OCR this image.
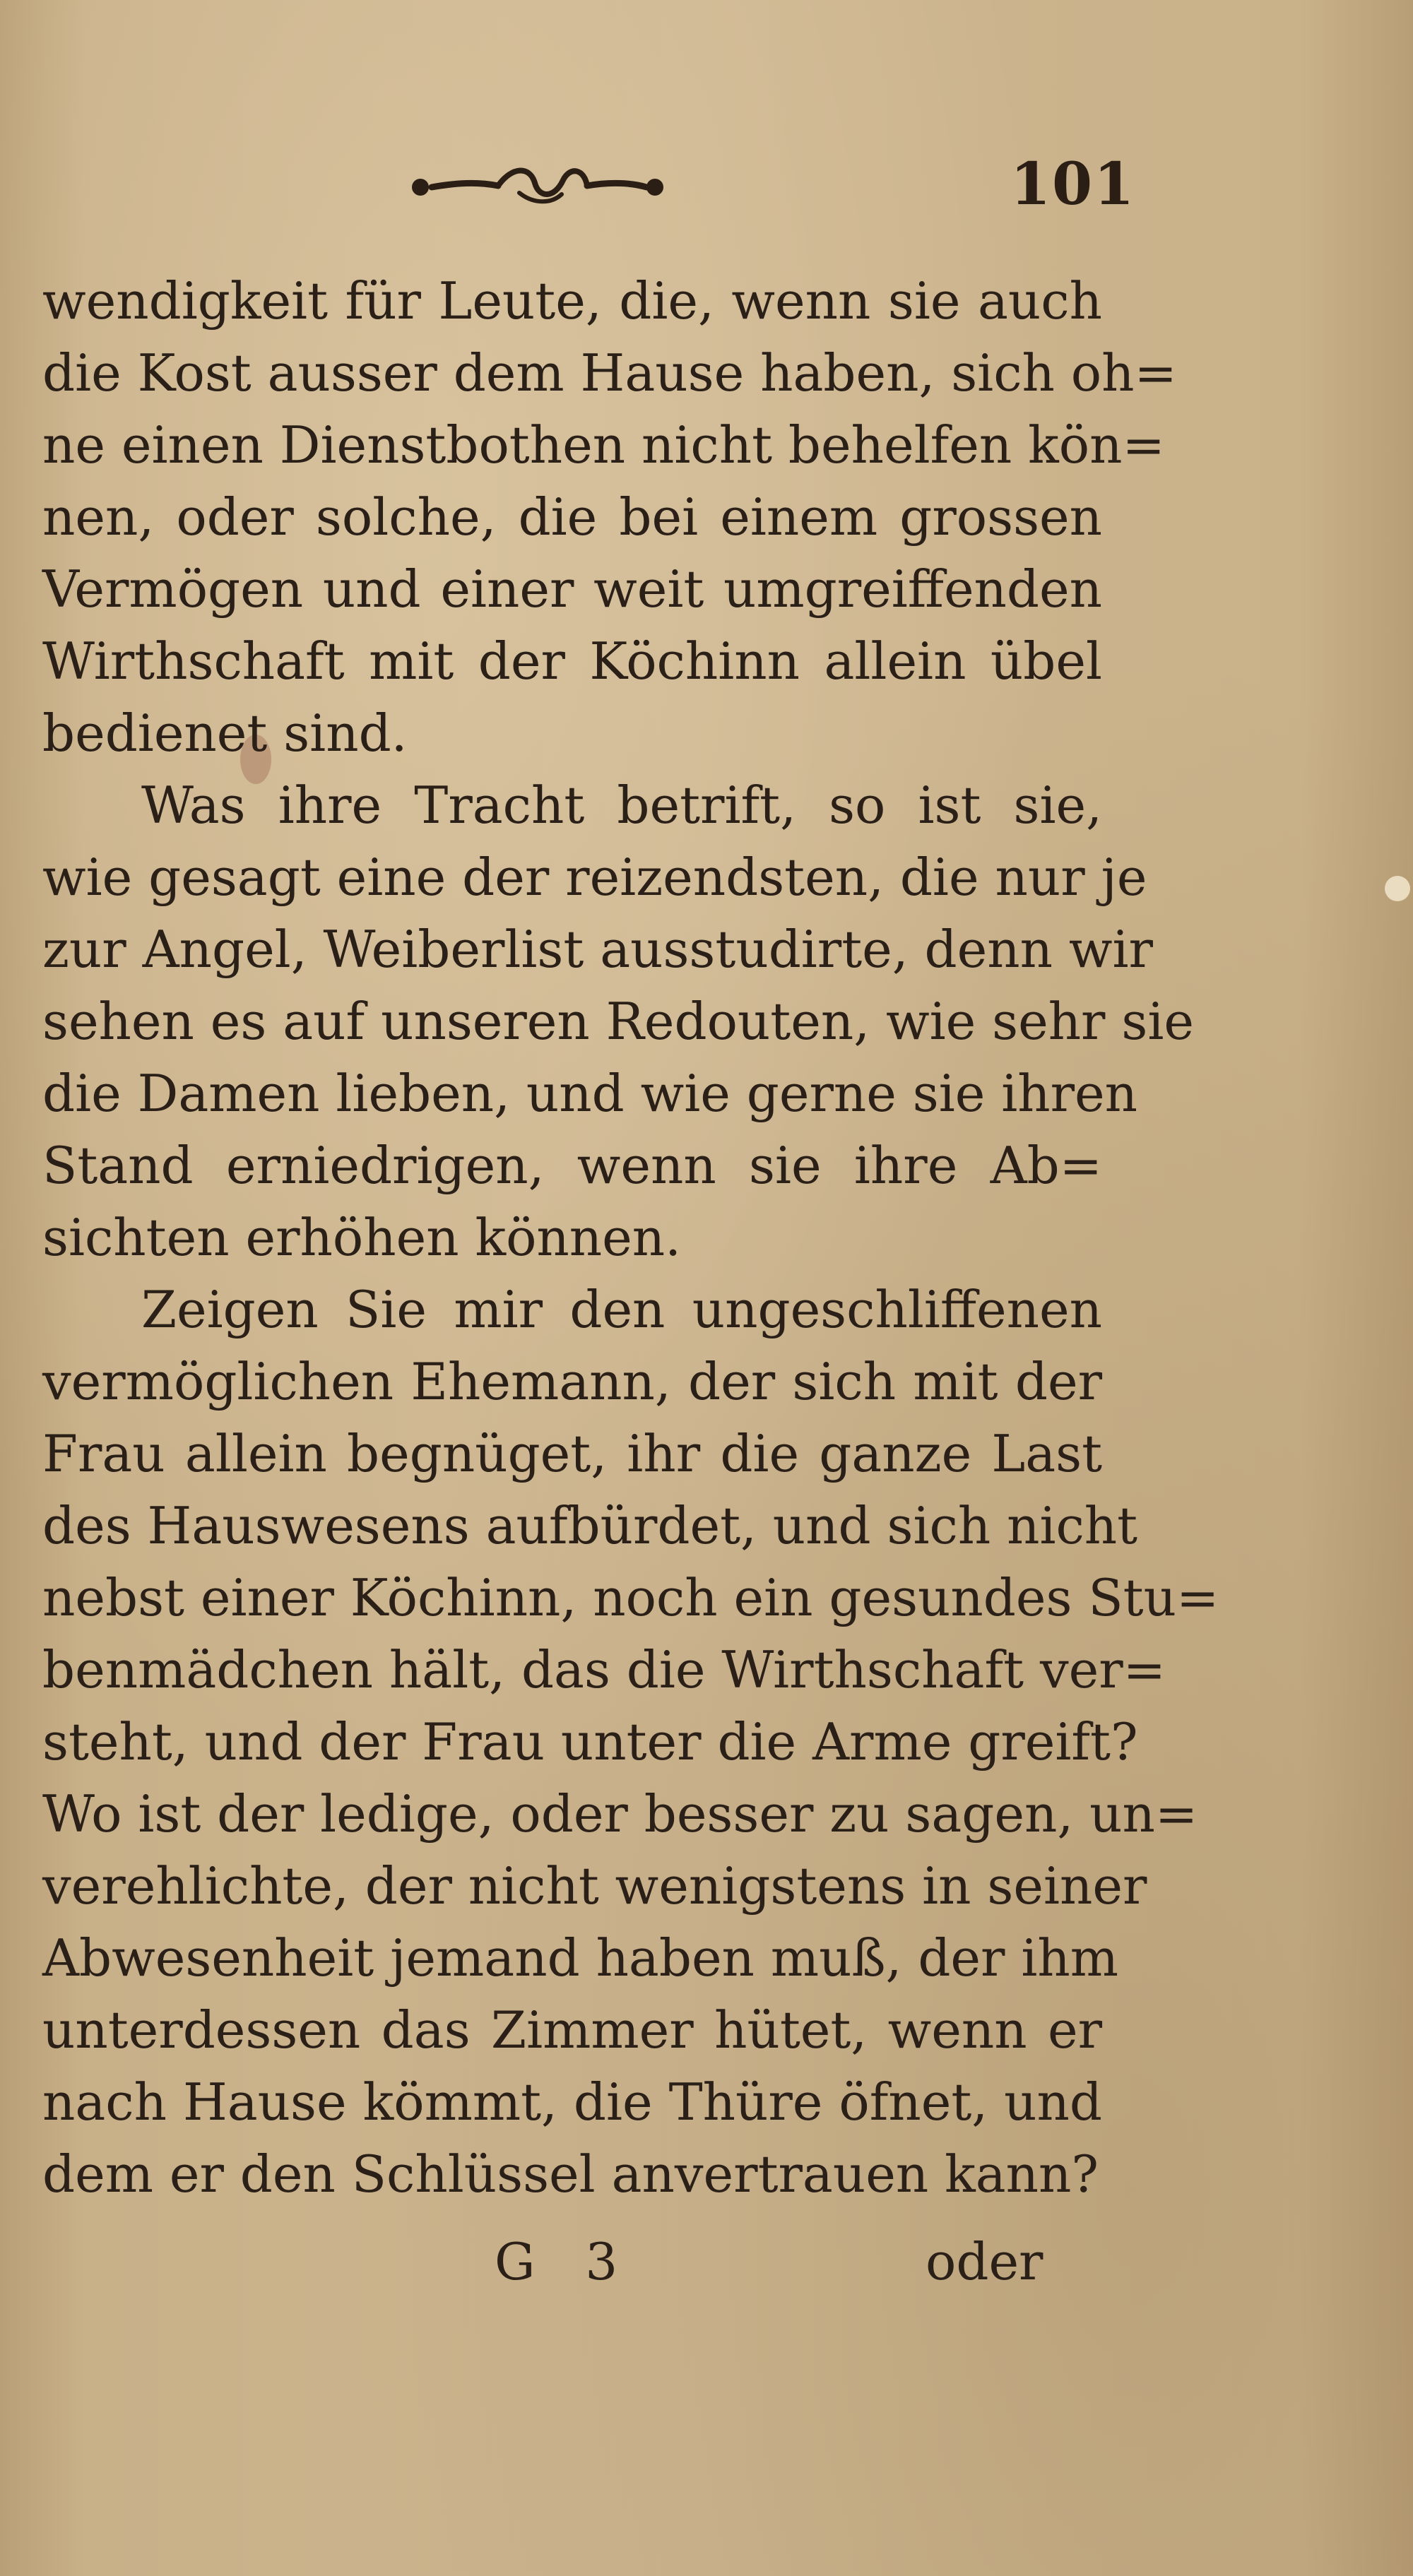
101
wendigkeit für Leute, die, wenn sie auch
die Kost ausser dem Hause haben, sich oh=
ne einen Dienstbothen nicht behelfen kön=
nen, oder solche, die bei einem grossen
Vermögen und einer weit umgreiffenden
Wirthschaft mit der Köchinn allein übel
bedienet sind.
Was ihre Tracht betrift, so ist sie,
wie gesagt eine der reizendsten, die nur je
zur Angel, Weiberlist ausstudirte, denn wir
sehen es auf unseren Redouten, wie sehr sie
die Damen lieben, und wie gerne sie ihren
Stand erniedrigen, wenn sie ihre Ab=
sichten erhöhen können.
Zeigen Sie mir den ungeschliffenen
vermöglichen Ehemann, der sich mit der
Frau allein begnüget, ihr die ganze Last
des Hauswesens aufbürdet, und sich nicht
nebst einer Köchinn, noch ein gesundes Stu=
benmädchen hält, das die Wirthschaft ver=
steht, und der Frau unter die Arme greift?
Wo ist der ledige, oder besser zu sagen, un=
verehlichte, der nicht wenigstens in seiner
Abwesenheit jemand haben muß, der ihm
unterdessen das Zimmer hütet, wenn er
nach Hause kömmt, die Thüre öfnet, und
dem er den Schlüssel anvertrauen kann?
G 3	oder
